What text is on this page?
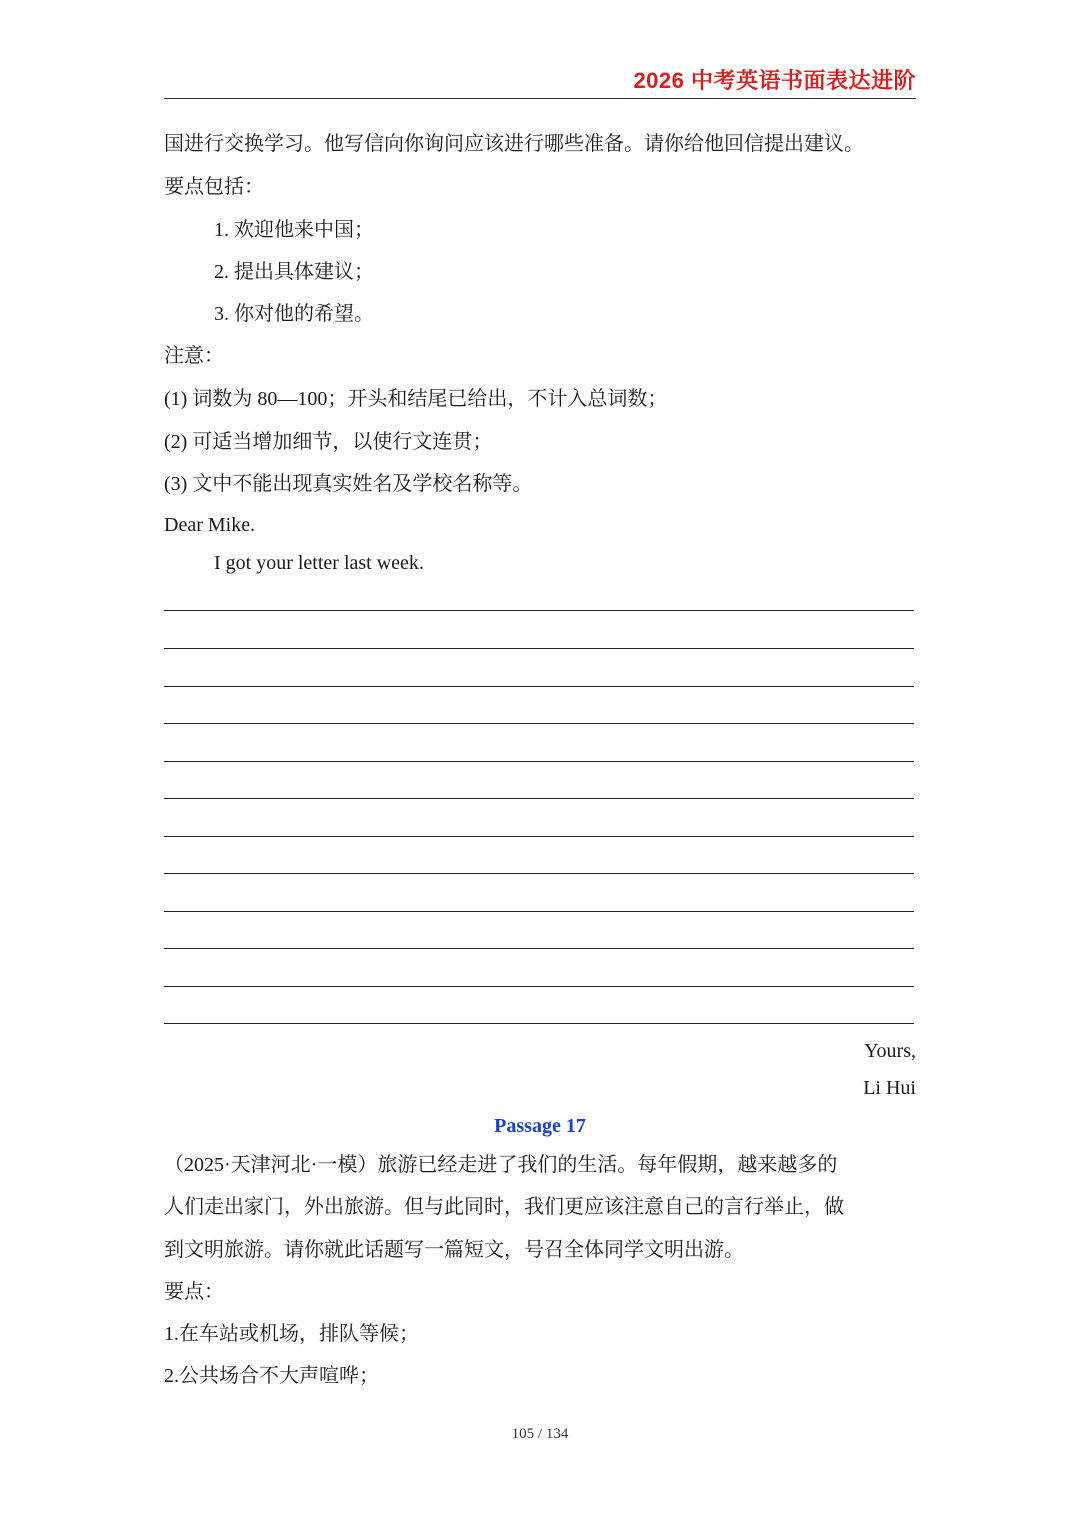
2026 中考英语书面表达进阶
国进行交换学习。他写信向你询问应该进行哪些准备。请你给他回信提出建议。
要点包括：
1. 欢迎他来中国；
2. 提出具体建议；
3. 你对他的希望。
注意：
(1) 词数为 80—100；开头和结尾已给出，不计入总词数；
(2) 可适当增加细节，以使行文连贯；
(3) 文中不能出现真实姓名及学校名称等。
Dear Mike.
I got your letter last week.
Yours,
Li Hui
Passage 17
（2025·天津河北·一模）旅游已经走进了我们的生活。每年假期，越来越多的
人们走出家门，外出旅游。但与此同时，我们更应该注意自己的言行举止，做
到文明旅游。请你就此话题写一篇短文，号召全体同学文明出游。
要点：
1.在车站或机场，排队等候；
2.公共场合不大声喧哗；
105 / 134
